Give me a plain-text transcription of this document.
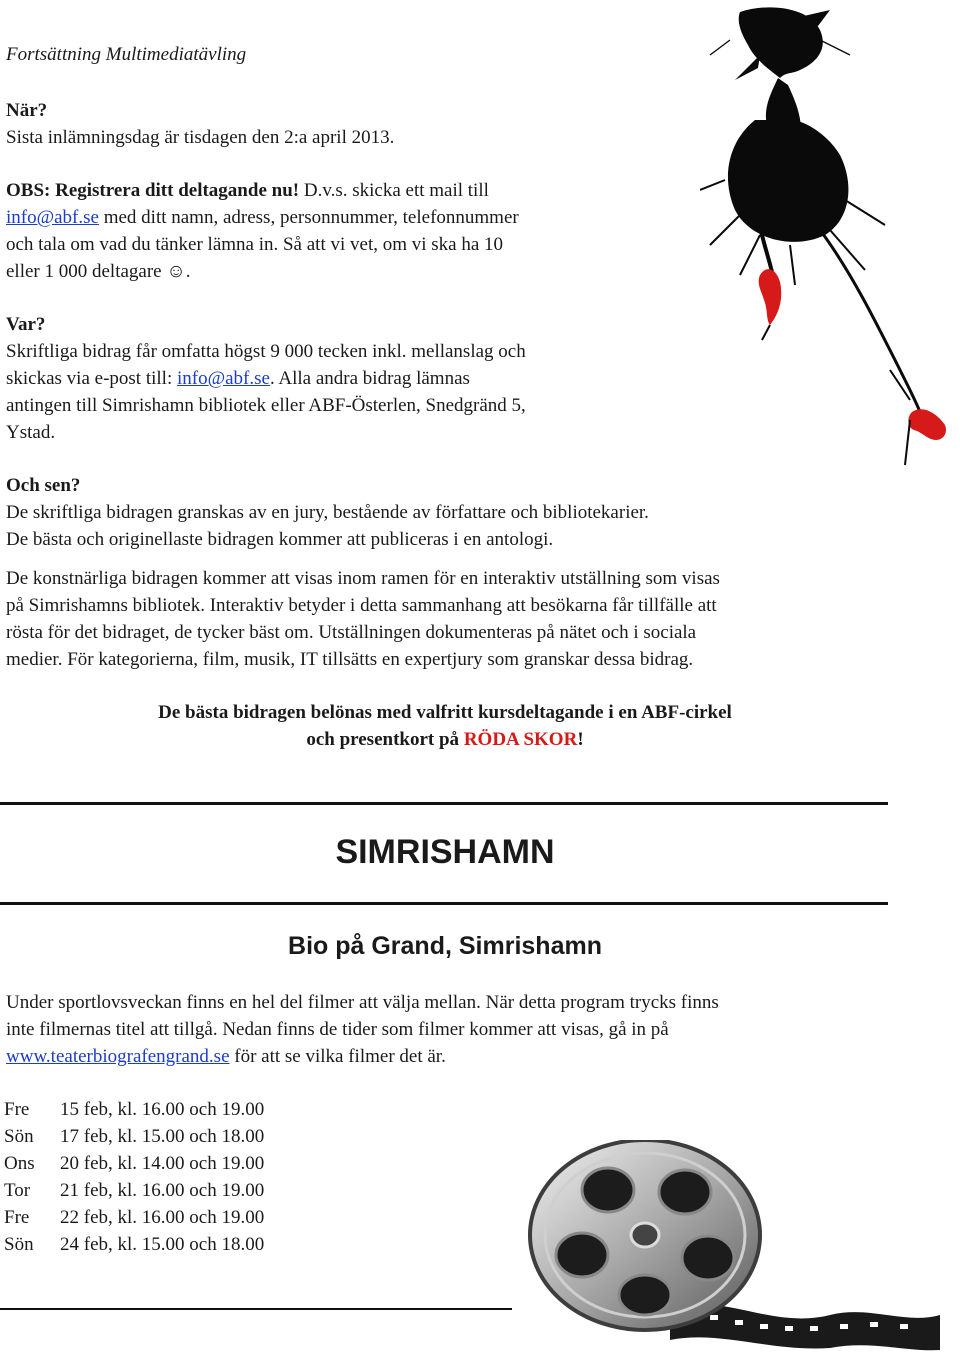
Fortsättning Multimediatävling
När?
Sista inlämningsdag är tisdagen den 2:a april 2013.
OBS: Registrera ditt deltagande nu! D.v.s. skicka ett mail till
info@abf.se med ditt namn, adress, personnummer, telefonnummer
och tala om vad du tänker lämna in. Så att vi vet, om vi ska ha 10
eller 1 000 deltagare ☺.
Var?
Skriftliga bidrag får omfatta högst 9 000 tecken inkl. mellanslag och
skickas via e-post till: info@abf.se. Alla andra bidrag lämnas
antingen till Simrishamn bibliotek eller ABF-Österlen, Snedgränd 5,
Ystad.
Och sen?
De skriftliga bidragen granskas av en jury, bestående av författare och bibliotekarier.
De bästa och originellaste bidragen kommer att publiceras i en antologi.
De konstnärliga bidragen kommer att visas inom ramen för en interaktiv utställning som visas
på Simrishamns bibliotek. Interaktiv betyder i detta sammanhang att besökarna får tillfälle att
rösta för det bidraget, de tycker bäst om. Utställningen dokumenteras på nätet och i sociala
medier. För kategorierna, film, musik, IT tillsätts en expertjury som granskar dessa bidrag.
De bästa bidragen belönas med valfritt kursdeltagande i en ABF-cirkel
och presentkort på RÖDA SKOR!
SIMRISHAMN
Bio på Grand, Simrishamn
Under sportlovsveckan finns en hel del filmer att välja mellan. När detta program trycks finns
inte filmernas titel att tillgå. Nedan finns de tider som filmer kommer att visas, gå in på
www.teaterbiografengrand.se för att se vilka filmer det är.
Fre	15 feb, kl. 16.00 och 19.00
Sön	17 feb, kl. 15.00 och 18.00
Ons	20 feb, kl. 14.00 och 19.00
Tor	21 feb, kl. 16.00 och 19.00
Fre	22 feb, kl. 16.00 och 19.00
Sön	24 feb, kl. 15.00 och 18.00
